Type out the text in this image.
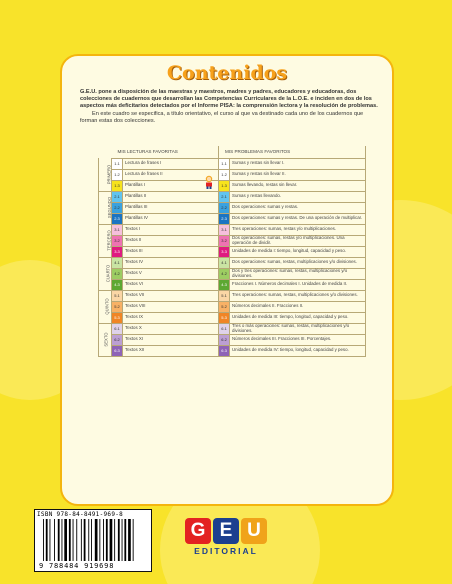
Contenidos

G.E.U. pone a disposición de las maestras y maestros, madres y padres, educadores y educadoras, dos colecciones de cuadernos que desarrollan las Competencias Curriculares de la L.O.E. e inciden en dos de los aspectos más deficitarios detectados por el Informe PISA: la comprensión lectora y la resolución de problemas.

En este cuadro se especifica, a título orientativo, el curso al que va destinado cada uno de los cuadernos que forman estas dos colecciones.

	MIS LECTURAS FAVORITAS		MIS PROBLEMAS FAVORITOS	
PRIMERO	1.1	Lectura de frases I	1.1	Sumas y restas sin llevar I.
	1.2	Lectura de frases II	1.2	Sumas y restas sin llevar II.
	1.3	Plantillas I	1.3	Sumas llevando, restas sin llevar.
SEGUNDO	2.1	Plantillas II	2.1	Sumas y restas llevando.
	2.2	Plantillas III	2.2	Dos operaciones: sumas y restas.
	2.3	Plantillas IV	2.3	Dos operaciones: sumas y restas. De una operación de multiplicar.
TERCERO	3.1	Textos I	3.1	Tres operaciones: sumas, restas y/o multiplicaciones.
	3.2	Textos II	3.2	Dos operaciones: sumas, restas y/o multiplicaciones. Una operación de dividir.
	3.3	Textos III	3.3	Unidades de medida I: tiempo, longitud, capacidad y peso.
CUARTO	4.1	Textos IV	4.1	Dos operaciones: sumas, restas, multiplicaciones y/o divisiones.
	4.2	Textos V	4.2	Dos y tres operaciones: sumas, restas, multiplicaciones y/o divisiones.
	4.3	Textos VI	4.3	Fracciones I. Números decimales I. Unidades de medida II.
QUINTO	5.1	Textos VII	5.1	Tres operaciones: sumas, restas, multiplicaciones y/o divisiones.
	5.2	Textos VIII	5.2	Números decimales II. Fracciones II.
	5.3	Textos IX	5.3	Unidades de medida III: tiempo, longitud, capacidad y peso.
SEXTO	6.1	Textos X	6.1	Tres o más operaciones: sumas, restas, multiplicaciones y/o divisiones.
	6.2	Textos XI	6.2	Números decimales III. Fracciones III. Porcentajes.
	6.3	Textos XII	6.3	Unidades de medida IV: tiempo, longitud, capacidad y peso.
ISBN 978-84-8491-969-8
9 788484 919698
G E U
EDITORIAL
